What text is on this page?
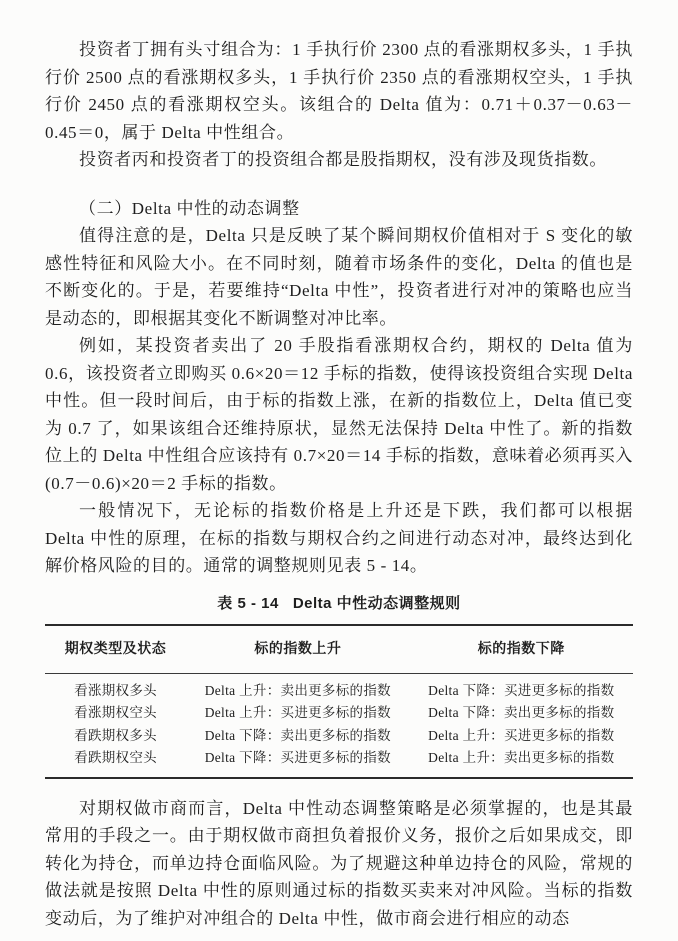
投资者丁拥有头寸组合为：1 手执行价 2300 点的看涨期权多头，1 手执行价 2500 点的看涨期权多头，1 手执行价 2350 点的看涨期权空头，1 手执行价 2450 点的看涨期权空头。该组合的 Delta 值为：0.71＋0.37－0.63－0.45＝0，属于 Delta 中性组合。

投资者丙和投资者丁的投资组合都是股指期权，没有涉及现货指数。

（二）Delta 中性的动态调整

值得注意的是，Delta 只是反映了某个瞬间期权价值相对于 S 变化的敏感性特征和风险大小。在不同时刻，随着市场条件的变化，Delta 的值也是不断变化的。于是，若要维持“Delta 中性”，投资者进行对冲的策略也应当是动态的，即根据其变化不断调整对冲比率。

例如，某投资者卖出了 20 手股指看涨期权合约，期权的 Delta 值为 0.6，该投资者立即购买 0.6×20＝12 手标的指数，使得该投资组合实现 Delta 中性。但一段时间后，由于标的指数上涨，在新的指数位上，Delta 值已变为 0.7 了，如果该组合还维持原状，显然无法保持 Delta 中性了。新的指数位上的 Delta 中性组合应该持有 0.7×20＝14 手标的指数，意味着必须再买入(0.7－0.6)×20＝2 手标的指数。

一般情况下，无论标的指数价格是上升还是下跌，我们都可以根据 Delta 中性的原理，在标的指数与期权合约之间进行动态对冲，最终达到化解价格风险的目的。通常的调整规则见表 5 - 14。

表 5 - 14 Delta 中性动态调整规则
期权类型及状态	标的指数上升	标的指数下降
看涨期权多头	Delta 上升：卖出更多标的指数	Delta 下降：买进更多标的指数
看涨期权空头	Delta 上升：买进更多标的指数	Delta 下降：卖出更多标的指数
看跌期权多头	Delta 下降：卖出更多标的指数	Delta 上升：买进更多标的指数
看跌期权空头	Delta 下降：买进更多标的指数	Delta 上升：卖出更多标的指数

对期权做市商而言，Delta 中性动态调整策略是必须掌握的，也是其最常用的手段之一。由于期权做市商担负着报价义务，报价之后如果成交，即转化为持仓，而单边持仓面临风险。为了规避这种单边持仓的风险，常规的做法就是按照 Delta 中性的原则通过标的指数买卖来对冲风险。当标的指数变动后，为了维护对冲组合的 Delta 中性，做市商会进行相应的动态
